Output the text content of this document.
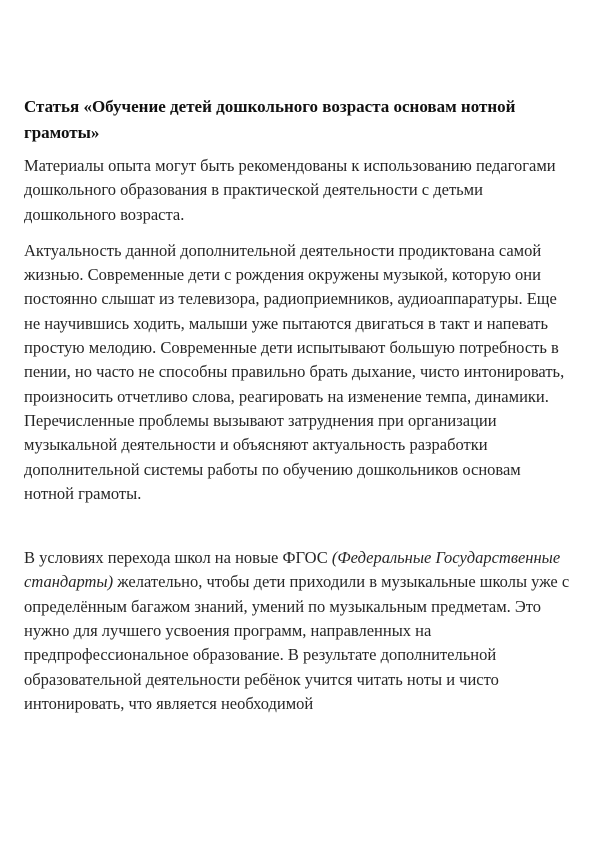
Статья «Обучение детей дошкольного возраста основам нотной грамоты»

Материалы опыта могут быть рекомендованы к использованию педагогами дошкольного образования в практической деятельности с детьми дошкольного возраста.

Актуальность данной дополнительной деятельности продиктована самой жизнью. Современные дети с рождения окружены музыкой, которую они постоянно слышат из телевизора, радиоприемников, аудиоаппаратуры. Еще не научившись ходить, малыши уже пытаются двигаться в такт и напевать простую мелодию. Современные дети испытывают большую потребность в пении, но часто не способны правильно брать дыхание, чисто интонировать, произносить отчетливо слова, реагировать на изменение темпа, динамики. Перечисленные проблемы вызывают затруднения при организации музыкальной деятельности и объясняют актуальность разработки дополнительной системы работы по обучению дошкольников основам нотной грамоты.

В условиях перехода школ на новые ФГОС (Федеральные Государственные стандарты) желательно, чтобы дети приходили в музыкальные школы уже с определённым багажом знаний, умений по музыкальным предметам. Это нужно для лучшего усвоения программ, направленных на предпрофессиональное образование. В результате дополнительной образовательной деятельности ребёнок учится читать ноты и чисто интонировать, что является необходимой
